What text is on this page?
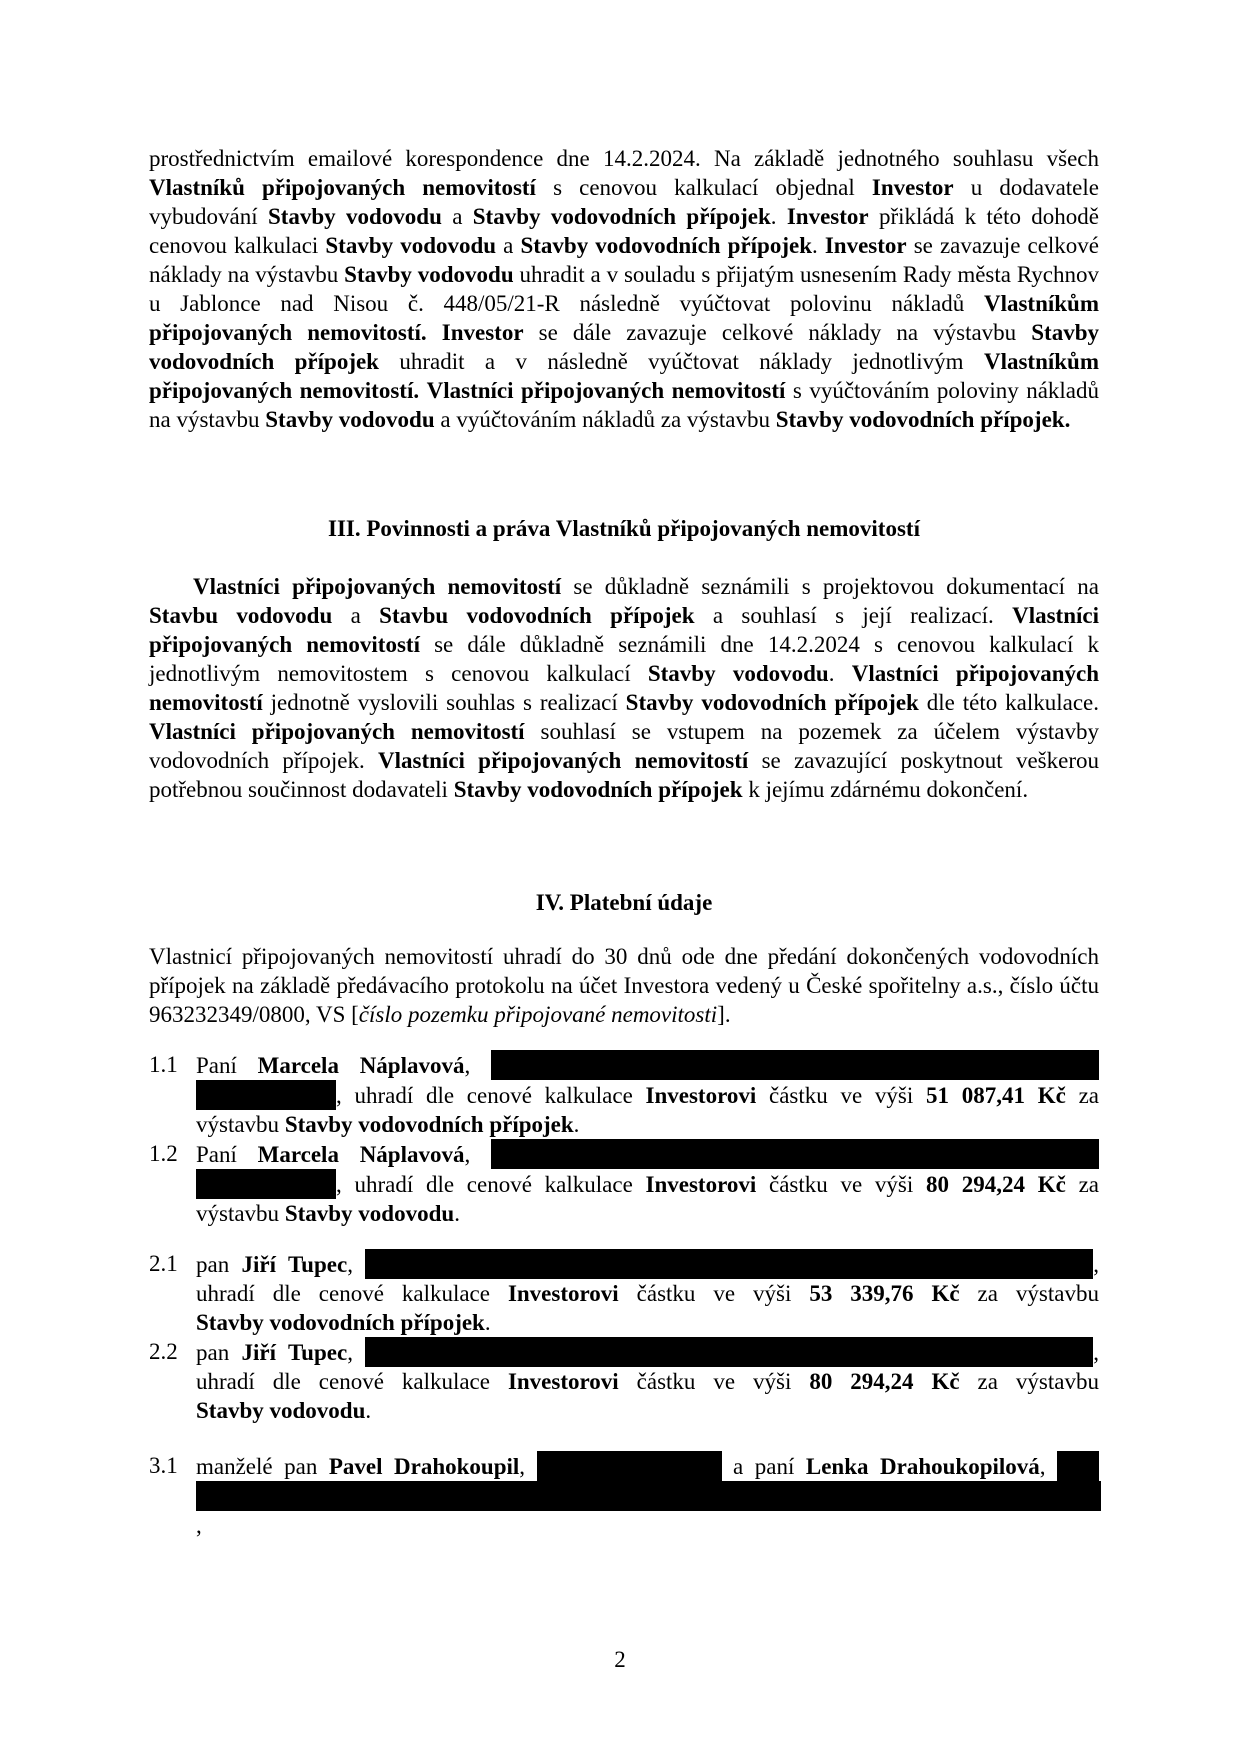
prostřednictvím emailové korespondence dne 14.2.2024. Na základě jednotného souhlasu všech Vlastníků připojovaných nemovitostí s cenovou kalkulací objednal Investor u dodavatele vybudování Stavby vodovodu a Stavby vodovodních přípojek. Investor přikládá k této dohodě cenovou kalkulaci Stavby vodovodu a Stavby vodovodních přípojek. Investor se zavazuje celkové náklady na výstavbu Stavby vodovodu uhradit a v souladu s přijatým usnesením Rady města Rychnov u Jablonce nad Nisou č. 448/05/21-R následně vyúčtovat polovinu nákladů Vlastníkům připojovaných nemovitostí. Investor se dále zavazuje celkové náklady na výstavbu Stavby vodovodních přípojek uhradit a v následně vyúčtovat náklady jednotlivým Vlastníkům připojovaných nemovitostí. Vlastníci připojovaných nemovitostí s vyúčtováním poloviny nákladů na výstavbu Stavby vodovodu a vyúčtováním nákladů za výstavbu Stavby vodovodních přípojek.

III. Povinnosti a práva Vlastníků připojovaných nemovitostí

Vlastníci připojovaných nemovitostí se důkladně seznámili s projektovou dokumentací na Stavbu vodovodu a Stavbu vodovodních přípojek a souhlasí s její realizací. Vlastníci připojovaných nemovitostí se dále důkladně seznámili dne 14.2.2024 s cenovou kalkulací k jednotlivým nemovitostem s cenovou kalkulací Stavby vodovodu. Vlastníci připojovaných nemovitostí jednotně vyslovili souhlas s realizací Stavby vodovodních přípojek dle této kalkulace. Vlastníci připojovaných nemovitostí souhlasí se vstupem na pozemek za účelem výstavby vodovodních přípojek. Vlastníci připojovaných nemovitostí se zavazující poskytnout veškerou potřebnou součinnost dodavateli Stavby vodovodních přípojek k jejímu zdárnému dokončení.

IV. Platební údaje

Vlastnicí připojovaných nemovitostí uhradí do 30 dnů ode dne předání dokončených vodovodních přípojek na základě předávacího protokolu na účet Investora vedený u České spořitelny a.s., číslo účtu 963232349/0800, VS [číslo pozemku připojované nemovitosti].

1.1 Paní Marcela Náplavová,
, uhradí dle cenové kalkulace Investorovi částku ve výši 51 087,41 Kč za
výstavbu Stavby vodovodních přípojek.
1.2 Paní Marcela Náplavová,
, uhradí dle cenové kalkulace Investorovi částku ve výši 80 294,24 Kč za
výstavbu Stavby vodovodu.
2.1 pan Jiří Tupec,	,
uhradí dle cenové kalkulace Investorovi částku ve výši 53 339,76 Kč za výstavbu
Stavby vodovodních přípojek.
2.2 pan Jiří Tupec,	,
uhradí dle cenové kalkulace Investorovi částku ve výši 80 294,24 Kč za výstavbu
Stavby vodovodu.
3.1 manželé pan Pavel Drahokoupil,	a paní Lenka Drahoukopilová,
,
2
